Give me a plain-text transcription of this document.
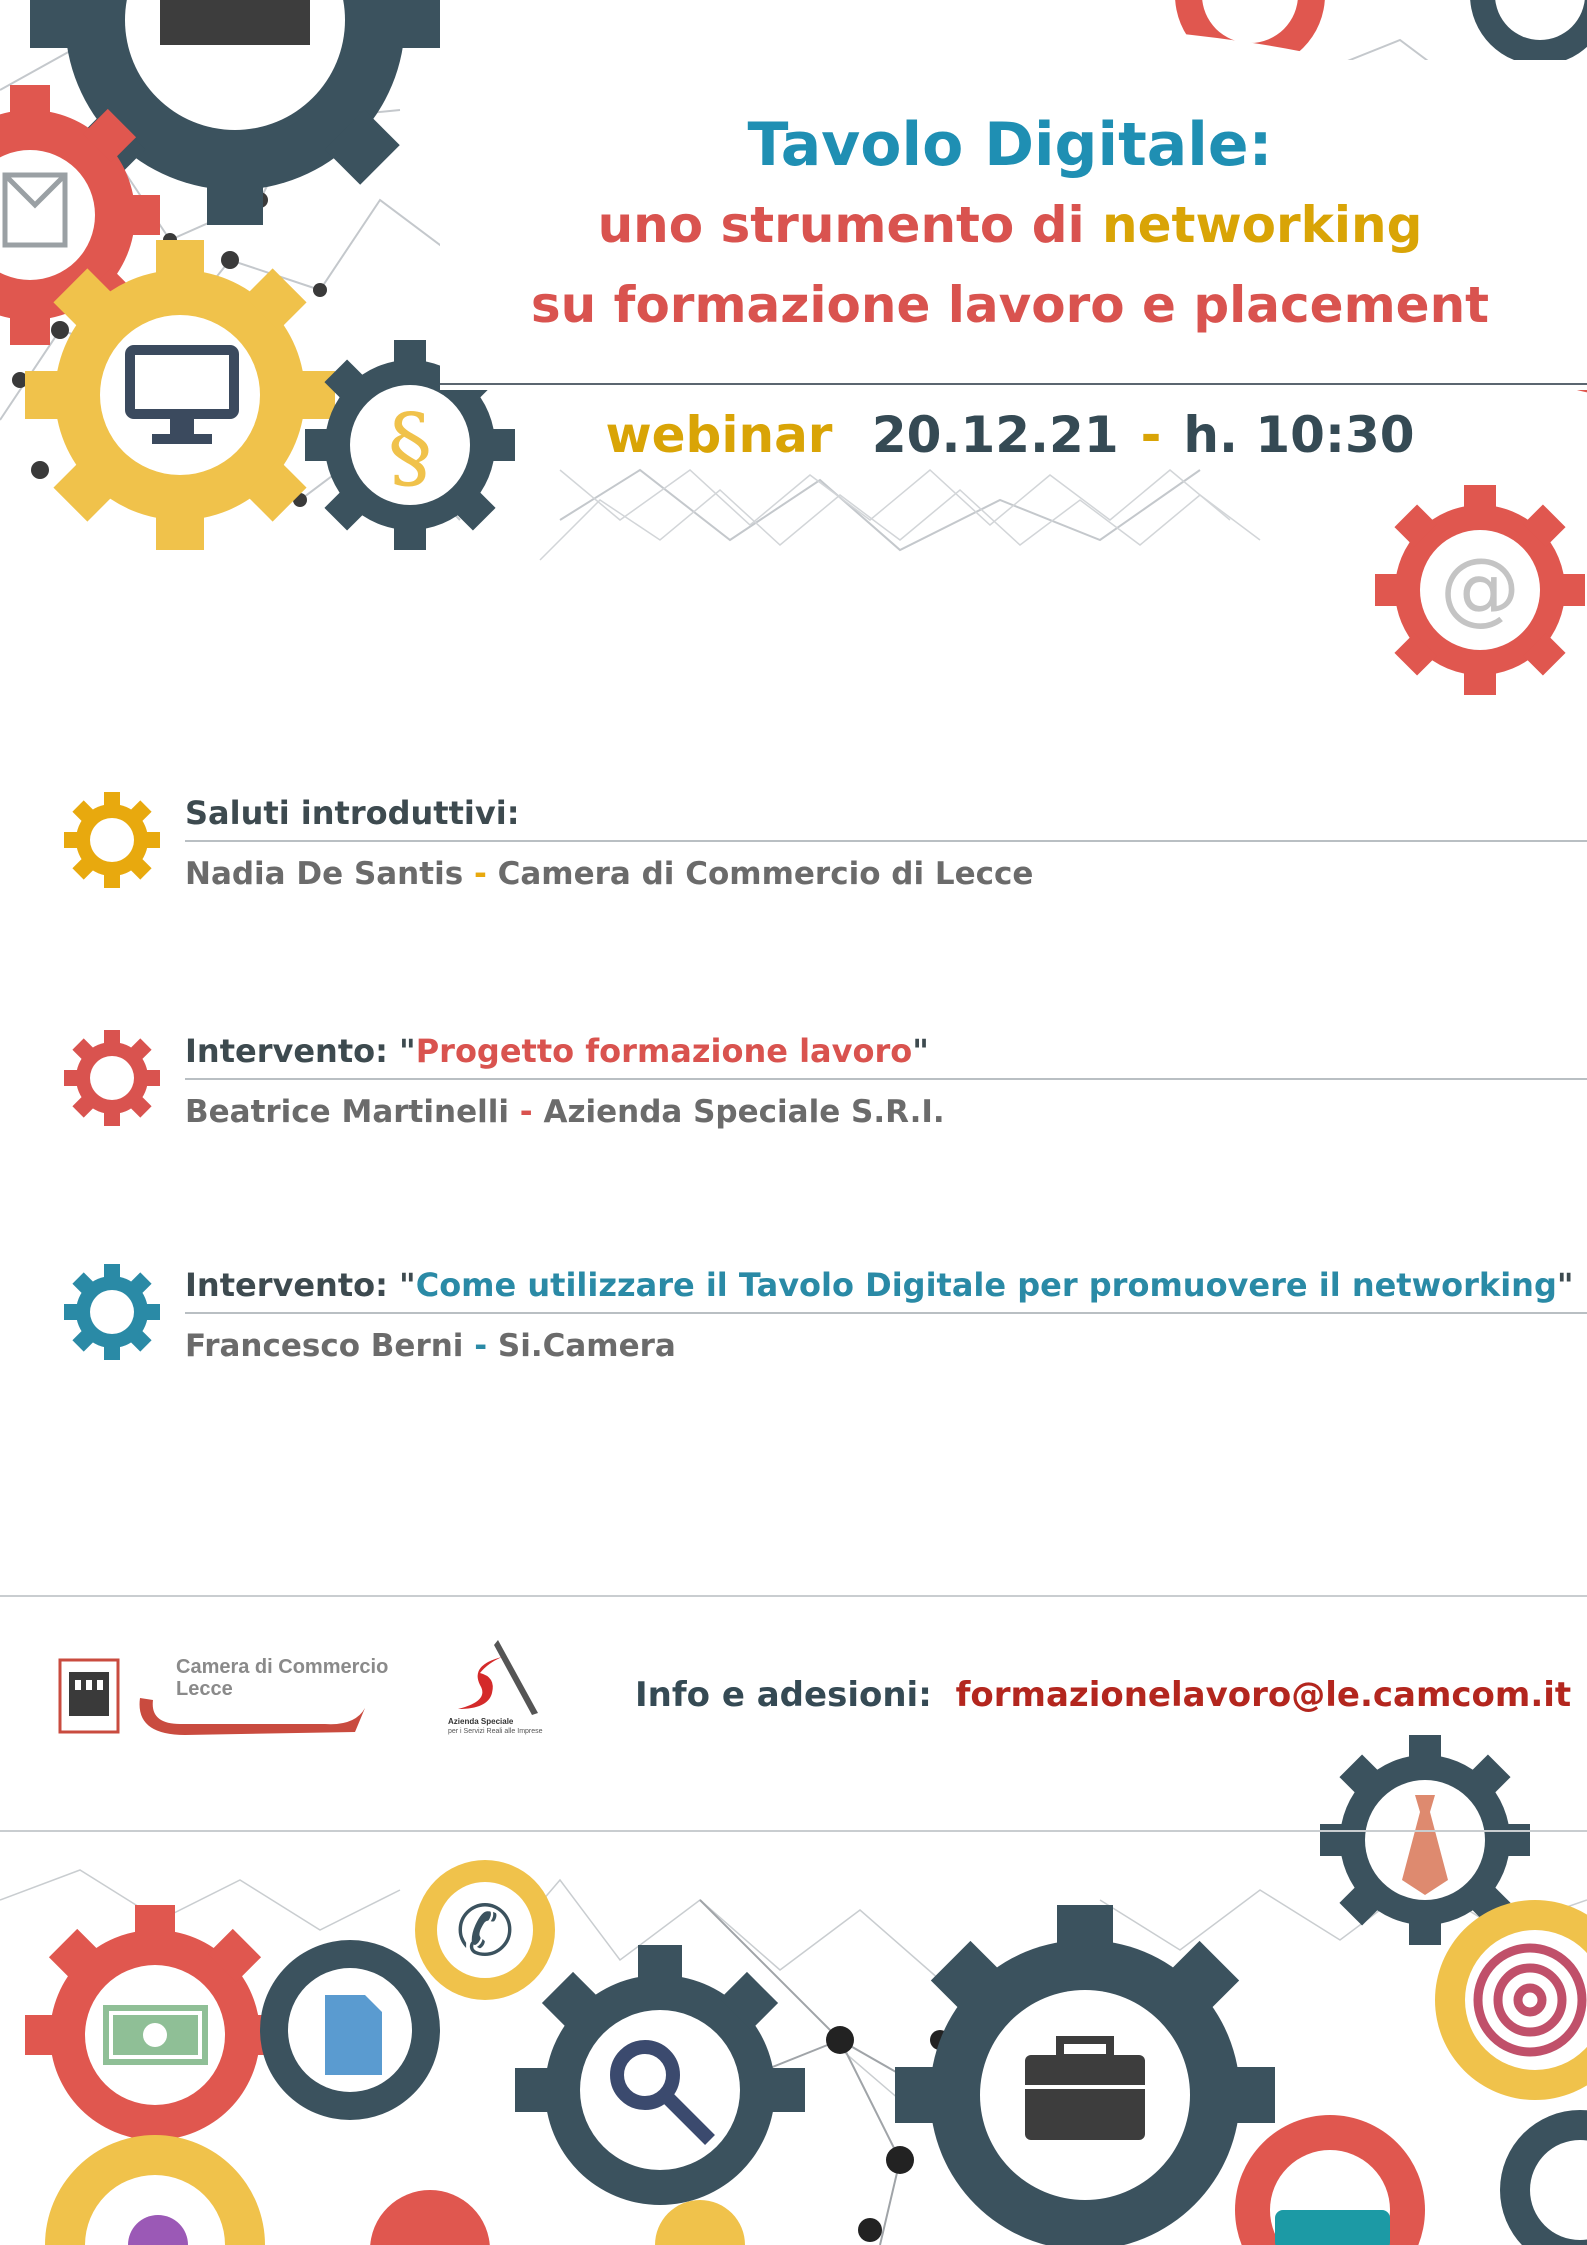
§
@
✆
Tavolo Digitale:
uno strumento di networking
su formazione lavoro e placement
webinar 20.12.21 - h. 10:30
Saluti introduttivi:
Nadia De Santis - Camera di Commercio di Lecce
Intervento: "Progetto formazione lavoro"
Beatrice Martinelli - Azienda Speciale S.R.I.
Intervento: "Come utilizzare il Tavolo Digitale per promuovere il networking"
Francesco Berni - Si.Camera
Camera di Commercio
Lecce
Azienda Speciale
per i Servizi Reali alle Imprese
Info e adesioni: formazionelavoro@le.camcom.it
